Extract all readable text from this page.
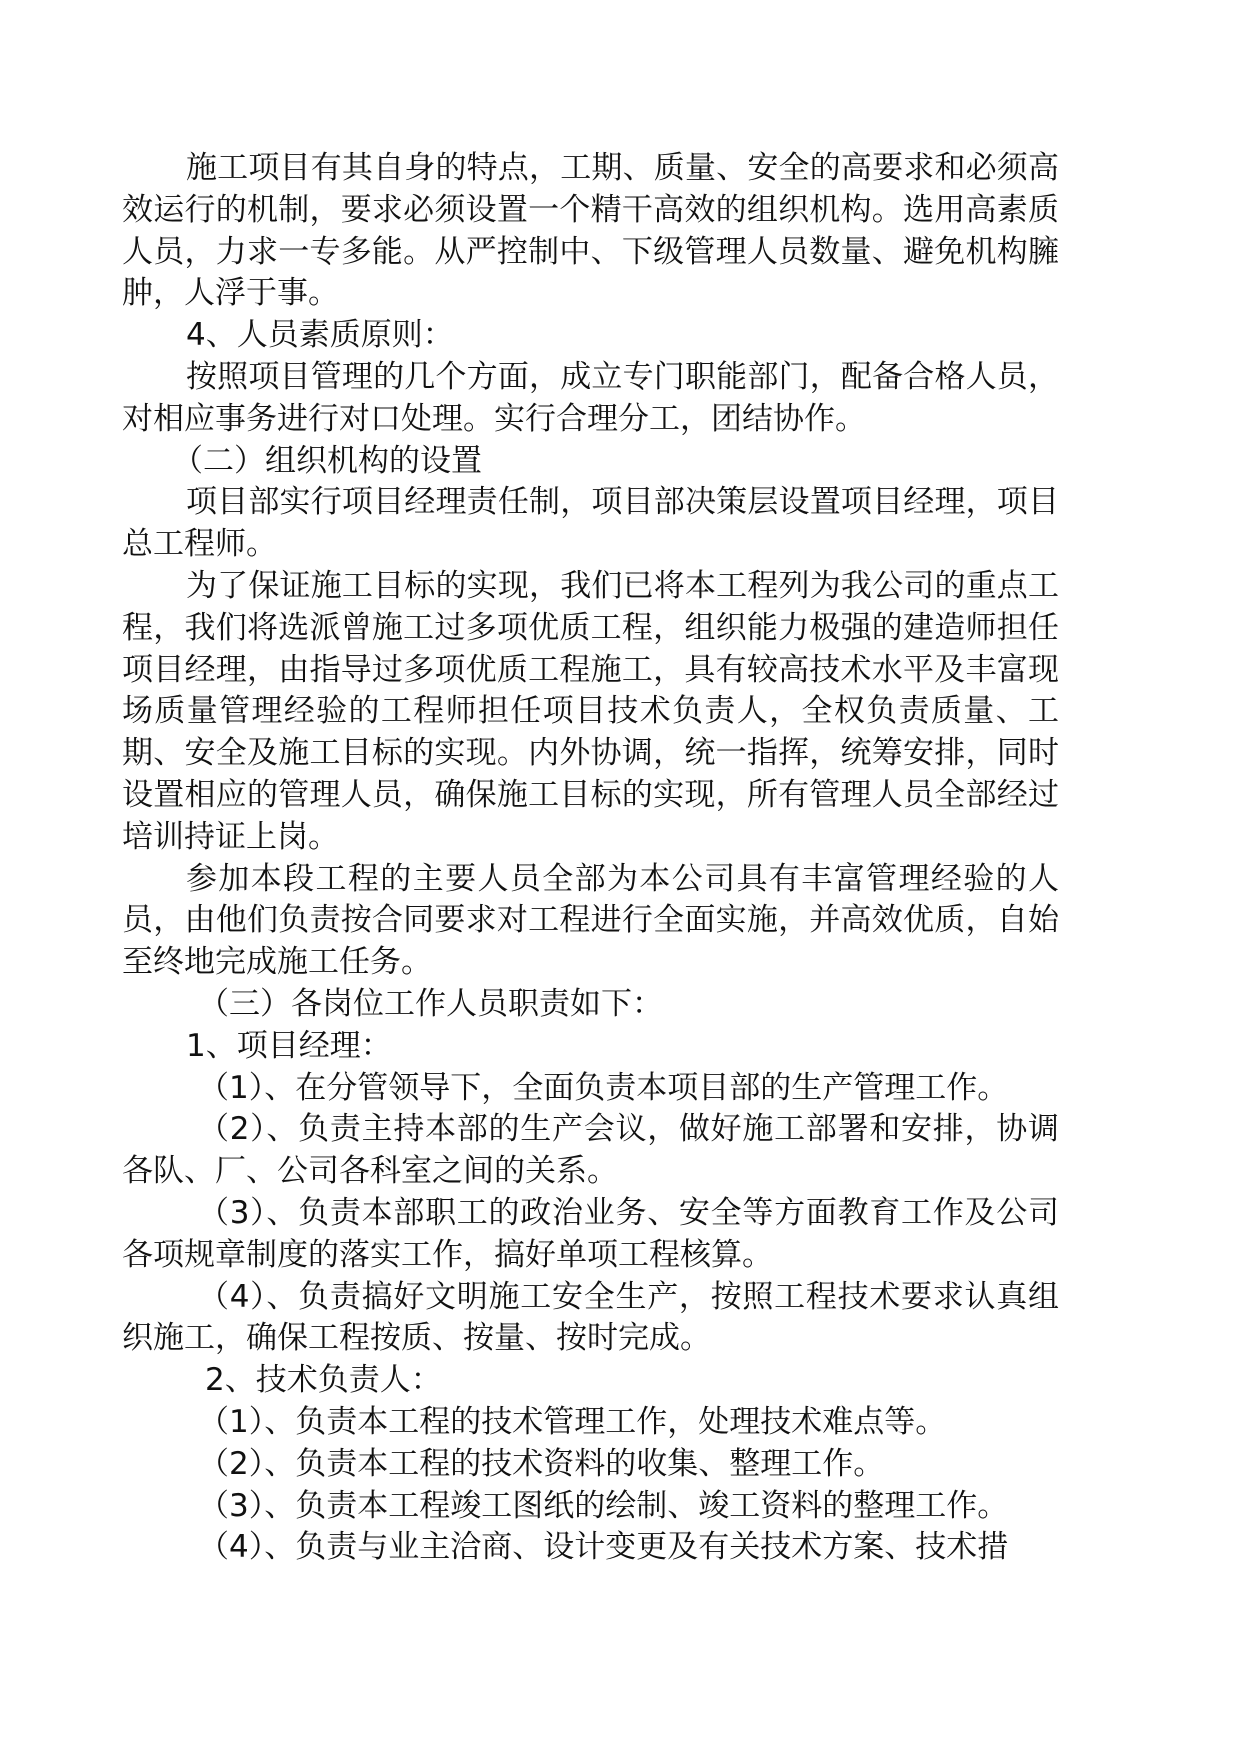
施工项目有其自身的特点，工期、质量、安全的高要求和必须高效运行的机制，要求必须设置一个精干高效的组织机构。选用高素质人员，力求一专多能。从严控制中、下级管理人员数量、避免机构臃肿，人浮于事。

4、人员素质原则：

按照项目管理的几个方面，成立专门职能部门，配备合格人员，对相应事务进行对口处理。实行合理分工，团结协作。

（二）组织机构的设置

项目部实行项目经理责任制，项目部决策层设置项目经理，项目总工程师。

为了保证施工目标的实现，我们已将本工程列为我公司的重点工程，我们将选派曾施工过多项优质工程，组织能力极强的建造师担任项目经理，由指导过多项优质工程施工，具有较高技术水平及丰富现场质量管理经验的工程师担任项目技术负责人，全权负责质量、工期、安全及施工目标的实现。内外协调，统一指挥，统筹安排，同时设置相应的管理人员，确保施工目标的实现，所有管理人员全部经过培训持证上岗。

参加本段工程的主要人员全部为本公司具有丰富管理经验的人员，由他们负责按合同要求对工程进行全面实施，并高效优质，自始至终地完成施工任务。

（三）各岗位工作人员职责如下：

1、项目经理：

（1）、在分管领导下，全面负责本项目部的生产管理工作。

（2）、负责主持本部的生产会议，做好施工部署和安排，协调各队、厂、公司各科室之间的关系。

（3）、负责本部职工的政治业务、安全等方面教育工作及公司各项规章制度的落实工作，搞好单项工程核算。

（4）、负责搞好文明施工安全生产，按照工程技术要求认真组织施工，确保工程按质、按量、按时完成。

2、技术负责人：

（1）、负责本工程的技术管理工作，处理技术难点等。

（2）、负责本工程的技术资料的收集、整理工作。

（3）、负责本工程竣工图纸的绘制、竣工资料的整理工作。

（4）、负责与业主洽商、设计变更及有关技术方案、技术措
